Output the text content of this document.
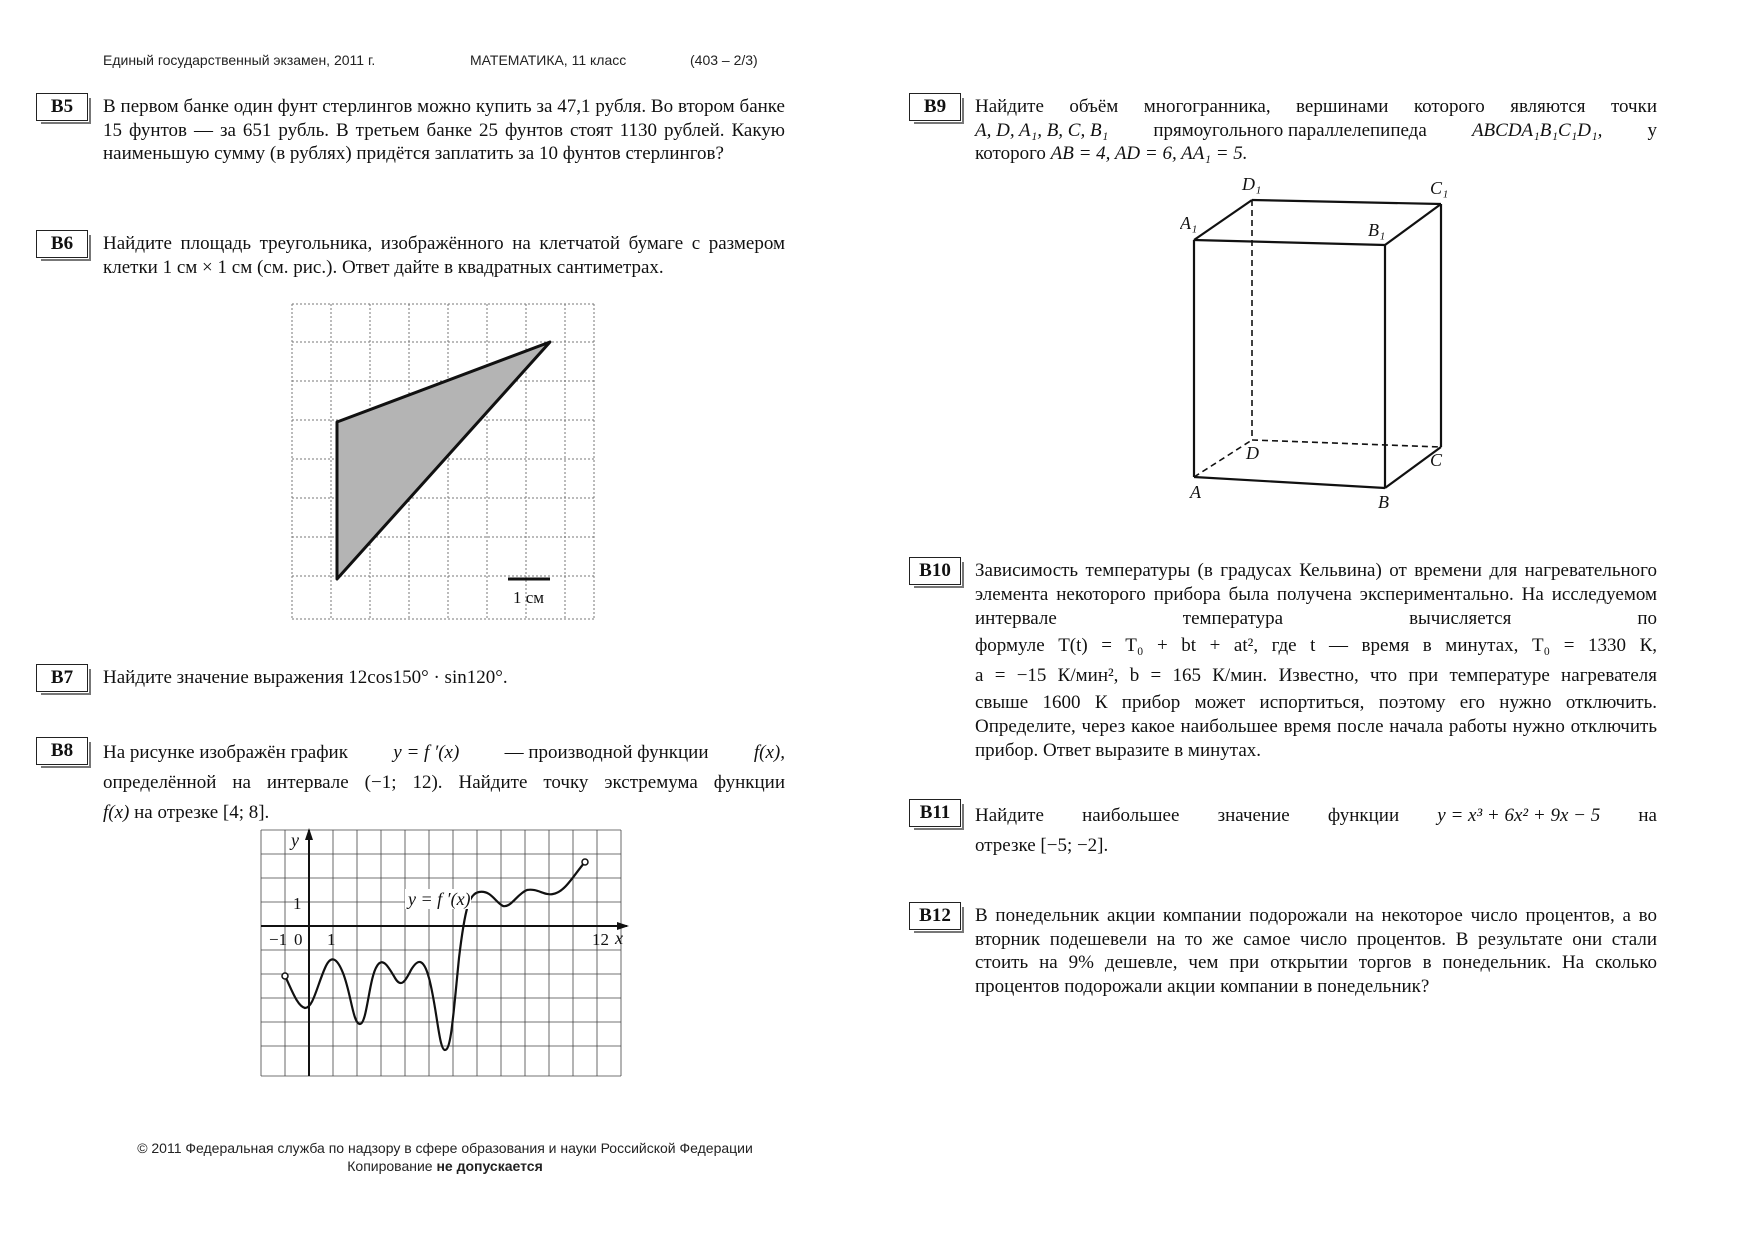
Единый государственный экзамен, 2011 г.	МАТЕМАТИКА, 11 класс	(403 – 2/3)
B5	В первом банке один фунт стерлингов можно купить за 47,1 рубля. Во втором банке 15 фунтов — за 651 рубль. В третьем банке 25 фунтов стоят 1130 рублей. Какую наименьшую сумму (в рублях) придётся заплатить за 10 фунтов стерлингов?
B6	Найдите площадь треугольника, изображённого на клетчатой бумаге с размером клетки 1 см × 1 см (см. рис.). Ответ дайте в квадратных сантиметрах.
1 см
B7	Найдите значение выражения 12cos150° · sin120°.
B8	На рисунке изображён график y = f ′(x) — производной функции f(x),
определённой на интервале (−1; 12). Найдите точку экстремума функции
f(x) на отрезке [4; 8].
y
x
−1 0 1
1
12
y = f ′(x)
B9	Найдите объём многогранника, вершинами которого являются точки
A, D, A₁, B, C, B₁ прямоугольного параллелепипеда ABCDA₁B₁C₁D₁, у
которого AB = 4, AD = 6, AA₁ = 5.
A	B
C
D
A₁	B₁
C₁
D₁
B10	Зависимость температуры (в градусах Кельвина) от времени для нагревательного элемента некоторого прибора была получена экспериментально. На исследуемом интервале температура вычисляется по
формуле T(t) = T₀ + bt + at², где t — время в минутах, T₀ = 1330 К,
a = −15 К/мин², b = 165 К/мин. Известно, что при температуре нагревателя
свыше 1600 К прибор может испортиться, поэтому его нужно отключить. Определите, через какое наибольшее время после начала работы нужно отключить прибор. Ответ выразите в минутах.
B11	Найдите наибольшее значение функции y = x³ + 6x² + 9x − 5 на
отрезке [−5; −2].
B12	В понедельник акции компании подорожали на некоторое число процентов, а во вторник подешевели на то же самое число процентов. В результате они стали стоить на 9% дешевле, чем при открытии торгов в понедельник. На сколько процентов подорожали акции компании в понедельник?
© 2011 Федеральная служба по надзору в сфере образования и науки Российской Федерации
Копирование не допускается
